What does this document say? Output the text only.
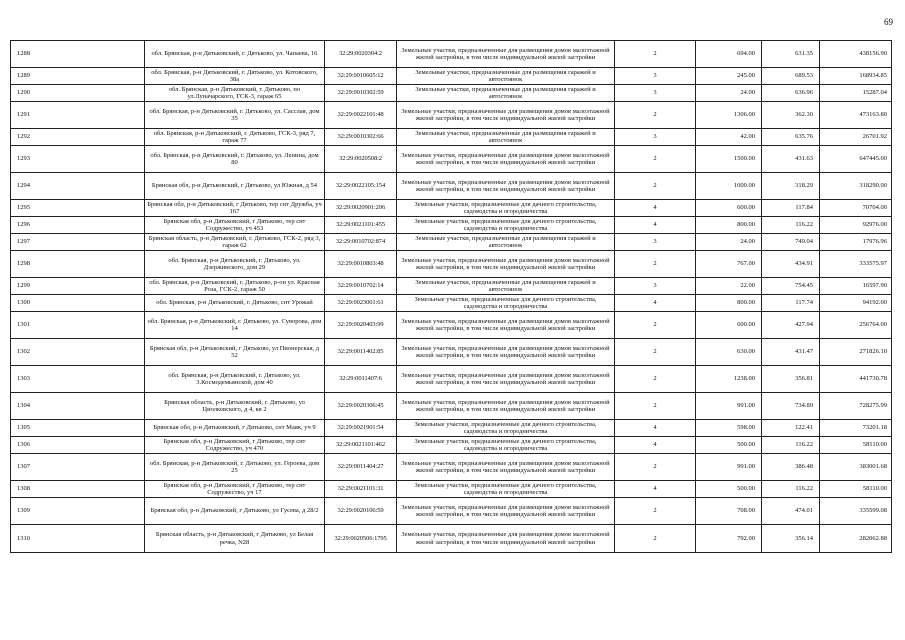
69
1288	обл. Брянская, р-н Дятьковский, г. Дятьково, ул. Чапаева, 16	32:29:0020304:2	Земельные участки, предназначенные для размещения домов малоэтажной жилой застройки, в том числе индивидуальной жилой застройки	2	694.00	631.35	438156.90
1289	обл. Брянская, р-н Дятьковский, г. Дятьково, ул. Котовского, 38а	32:29:0010605:12	Земельные участки, предназначенные для размещения гаражей и автостоянок	3	245.00	689.53	168934.85
1290	обл. Брянская, р-н Дятьковский, г. Дятьково, по ул.Луначарского, ГСК-3, гараж 65	32:29:0010302:59	Земельные участки, предназначенные для размещения гаражей и автостоянок	3	24.00	636.96	15287.04
1291	обл. Брянская, р-н Дятьковский, г. Дятьково, ул. Сасслая, дом 35	32:29:0022101:48	Земельные участки, предназначенные для размещения домов малоэтажной жилой застройки, в том числе индивидуальной жилой застройки	2	1306.00	362.30	473163.80
1292	обл. Брянская, р-н Дятьковский, г. Дятьково, ГСК-3, ряд 7, гараж 77	32:29:0010302:66	Земельные участки, предназначенные для размещения гаражей и автостоянок	3	42.00	635.76	26701.92
1293	обл. Брянская, р-н Дятьковский, г. Дятьково, ул. Ленина, дом 80	32:29:0020508:2	Земельные участки, предназначенные для размещения домов малоэтажной жилой застройки, в том числе индивидуальной жилой застройки	2	1500.00	431.63	647445.00
1294	Брянская обл, р-н Дятьковский, г Дятьково, ул Южная, д 54	32:29:0022105:154	Земельные участки, предназначенные для размещения домов малоэтажной жилой застройки, в том числе индивидуальной жилой застройки	2	1000.00	318.29	318290.00
1295	Брянская обл, р-н Дятьковский, г Дятьково, тер снт Дружба, уч 167	32:29:0020901:206	Земельные участки, предназначенные для дачного строительства, садоводства и огородничества	4	600.00	117.84	70704.00
1296	Брянская обл, р-н Дятьковский, г Дятьково, тер снт Содружество, уч 453	32:29:0021101:455	Земельные участки, предназначенные для дачного строительства, садоводства и огородничества	4	800.00	116.22	92976.00
1297	Брянская область, р-н Дятьковский, г. Дятьково, ГСК-2, ряд 3, гараж 62	32:29:0010702:874	Земельные участки, предназначенные для размещения гаражей и автостоянок	3	24.00	749.04	17976.96
1298	обл. Брянская, р-н Дятьковский, г. Дятьково, ул. Дзержинского, дом 29	32:29:0010803:48	Земельные участки, предназначенные для размещения домов малоэтажной жилой застройки, в том числе индивидуальной жилой застройки	2	767.00	434.91	333575.97
1299	обл. Брянская, р-н Дятьковский, г. Дятьково, р-он ул. Красная Роза, ГСК-2, гараж 50	32:29:0010702:14	Земельные участки, предназначенные для размещения гаражей и автостоянок	3	22.00	754.45	16597.90
1300	обл. Брянская, р-н Дятьковский, г. Дятьково, снт Урожай	32:29:0023001:61	Земельные участки, предназначенные для дачного строительства, садоводства и огородничества	4	800.00	117.74	94192.00
1301	обл. Брянская, р-н Дятьковский, г. Дятьково, ул. Суворова, дом 14	32:29:0020403:99	Земельные участки, предназначенные для размещения домов малоэтажной жилой застройки, в том числе индивидуальной жилой застройки	2	600.00	427.94	256764.00
1302	Брянская обл, р-н Дятьковский, г Дятьково, ул Пионерская, д 52	32:29:0011402:85	Земельные участки, предназначенные для размещения домов малоэтажной жилой застройки, в том числе индивидуальной жилой застройки	2	630.00	431.47	271826.10
1303	обл. Брянская, р-н Дятьковский, г. Дятьково, ул. 3.Космодемьянской, дом 40	32:29:0011407:6	Земельные участки, предназначенные для размещения домов малоэтажной жилой застройки, в том числе индивидуальной жилой застройки	2	1238.00	356.81	441730.78
1304	Брянская область, р-н Дятьковский, г. Дятьково, ул Циолковского, д 4, кв 2	32:29:0020306:45	Земельные участки, предназначенные для размещения домов малоэтажной жилой застройки, в том числе индивидуальной жилой застройки	2	991.00	734.89	728275.99
1305	Брянская обл, р-н Дятьковский, г Дятьково, снт Маяк, уч 9	32:29:0021901:54	Земельные участки, предназначенные для дачного строительства, садоводства и огородничества	4	598.00	122.41	73201.18
1306	Брянская обл, р-н Дятьковский, г Дятьково, тер снт Содружество, уч 470	32:29:0021101:462	Земельные участки, предназначенные для дачного строительства, садоводства и огородничества	4	500.00	116.22	58110.00
1307	обл. Брянская, р-н Дятьковский, г. Дятьково, ул. Героева, дом 25	32:29:0011404:27	Земельные участки, предназначенные для размещения домов малоэтажной жилой застройки, в том числе индивидуальной жилой застройки	2	991.00	386.48	383001.68
1308	Брянская обл, р-н Дятьковский, г Дятьково, тер снт Содружество, уч 17	32:29:0021101:31	Земельные участки, предназначенные для дачного строительства, садоводства и огородничества	4	500.00	116.22	58110.00
1309	Брянская обл, р-н Дятьковский, г Дятьково, ул Гусева, д 28/2	32:29:0020106:59	Земельные участки, предназначенные для размещения домов малоэтажной жилой застройки, в том числе индивидуальной жилой застройки	2	708.00	474.01	335599.08
1310	Брянская область, р-н Дятьковский, г Дятьково, ул Белая речка, N28	32:29:0020506:1795	Земельные участки, предназначенные для размещения домов малоэтажной жилой застройки, в том числе индивидуальной жилой застройки	2	792.00	356.14	282062.88
